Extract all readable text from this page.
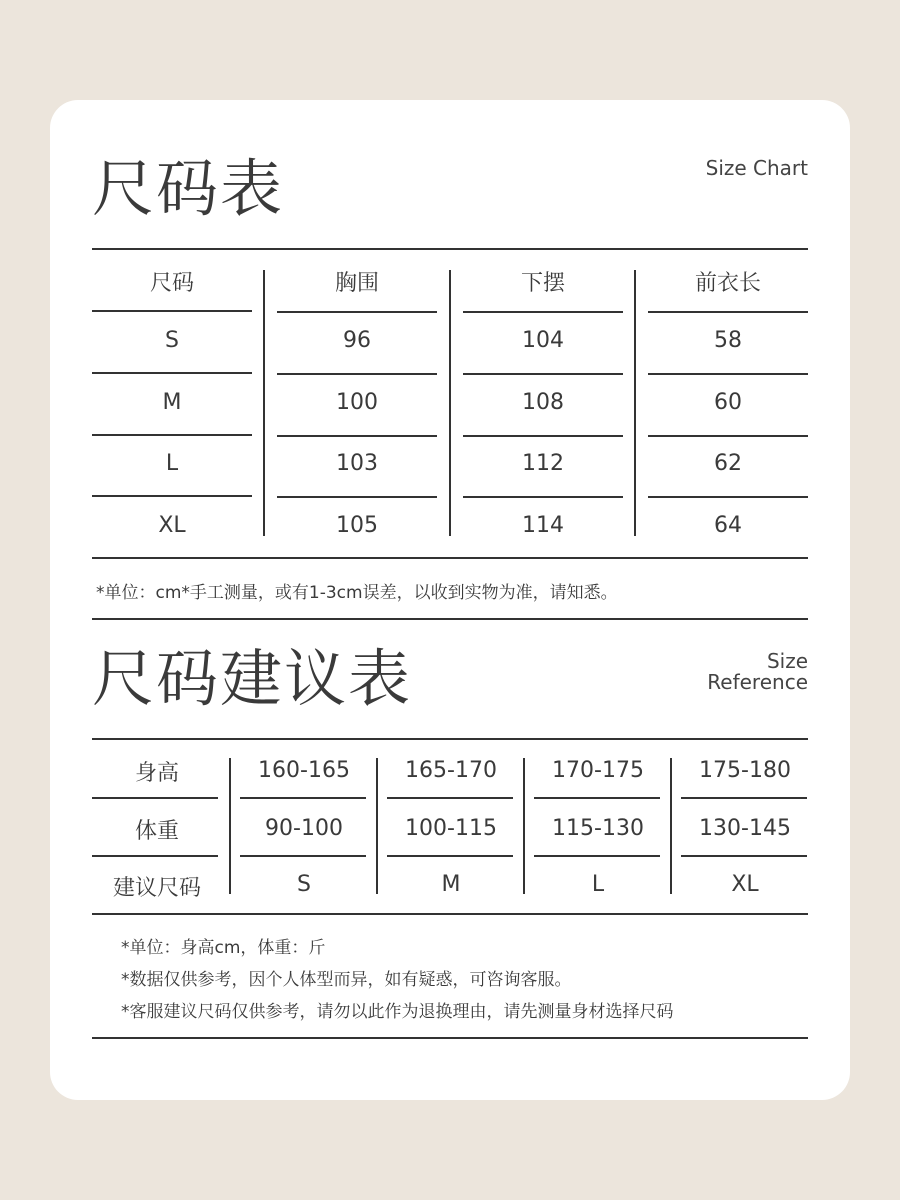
尺码表	Size Chart
尺码	胸围	下摆	前衣长
S	96	104	58
M	100	108	60
L	103	112	62
XL	105	114	64
*单位：cm*手工测量，或有1-3cm误差，以收到实物为准，请知悉。
尺码建议表	Size
Reference
身高	160-165	165-170	170-175	175-180
体重	90-100	100-115	115-130	130-145
建议尺码	S	M	L	XL
*单位：身高cm，体重：斤
*数据仅供参考，因个人体型而异，如有疑惑，可咨询客服。
*客服建议尺码仅供参考，请勿以此作为退换理由，请先测量身材选择尺码
